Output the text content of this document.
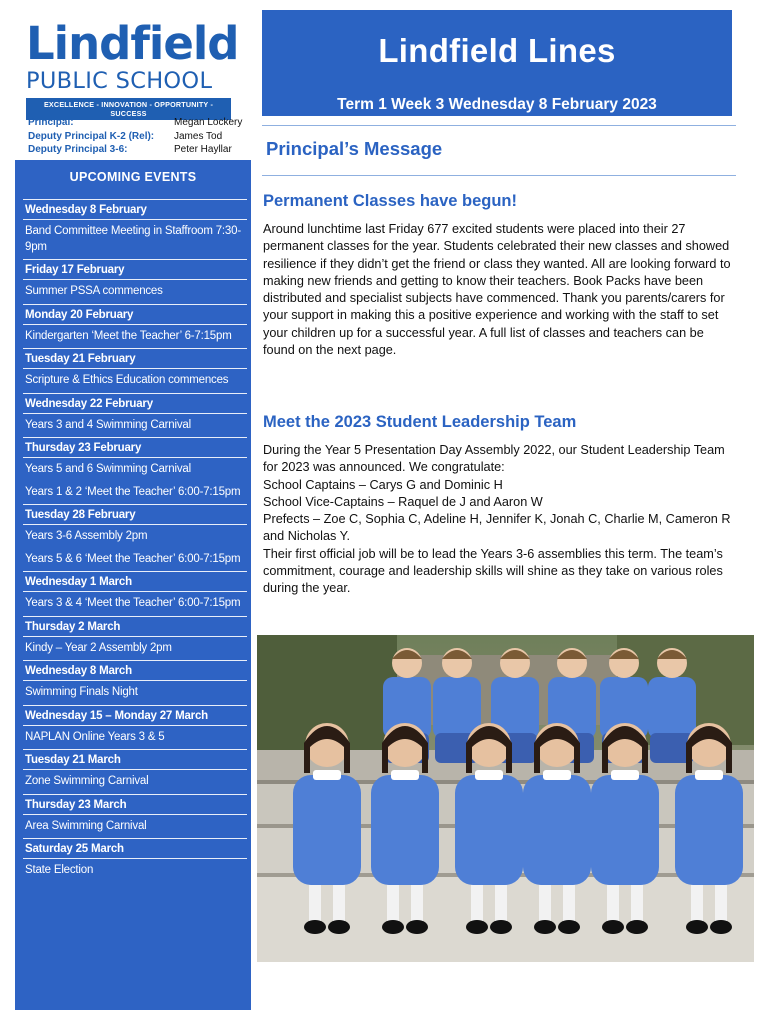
Lindfield
PUBLIC SCHOOL
EXCELLENCE - INNOVATION - OPPORTUNITY - SUCCESS
Principal:	Megan Lockery
Deputy Principal K-2 (Rel):	James Tod
Deputy Principal 3-6:	Peter Hayllar
Lindfield Lines
Term 1 Week 3 Wednesday 8 February 2023
Principal’s Message
UPCOMING EVENTS
Wednesday 8 February
Band Committee Meeting in Staffroom 7:30-9pm
Friday 17 February
Summer PSSA commences
Monday 20 February
Kindergarten ‘Meet the Teacher’ 6-7:15pm
Tuesday 21 February
Scripture & Ethics Education commences
Wednesday 22 February
Years 3 and 4 Swimming Carnival
Thursday 23 February
Years 5 and 6 Swimming Carnival
Years 1 & 2 ‘Meet the Teacher’ 6:00-7:15pm
Tuesday 28 February
Years 3-6 Assembly 2pm
Years 5 & 6 ‘Meet the Teacher’ 6:00-7:15pm
Wednesday 1 March
Years 3 & 4 ‘Meet the Teacher’ 6:00-7:15pm
Thursday 2 March
Kindy – Year 2 Assembly 2pm
Wednesday 8 March
Swimming Finals Night
Wednesday 15 – Monday 27 March
NAPLAN Online Years 3 & 5
Tuesday 21 March
Zone Swimming Carnival
Thursday 23 March
Area Swimming Carnival
Saturday 25 March
State Election
Permanent Classes have begun!

Around lunchtime last Friday 677 excited students were placed into their 27 permanent classes for the year. Students celebrated their new classes and showed resilience if they didn’t get the friend or class they wanted. All are looking forward to making new friends and getting to know their teachers. Book Packs have been distributed and specialist subjects have commenced. Thank you parents/carers for your support in making this a positive experience and working with the staff to set your children up for a successful year. A full list of classes and teachers can be found on the next page.

Meet the 2023 Student Leadership Team
During the Year 5 Presentation Day Assembly 2022, our Student Leadership Team for 2023 was announced. We congratulate:
School Captains – Carys G and Dominic H
School Vice-Captains – Raquel de J and Aaron W
Prefects – Zoe C, Sophia C, Adeline H, Jennifer K, Jonah C, Charlie M, Cameron R and Nicholas Y.
Their first official job will be to lead the Years 3-6 assemblies this term. The team’s commitment, courage and leadership skills will shine as they take on various roles during the year.
